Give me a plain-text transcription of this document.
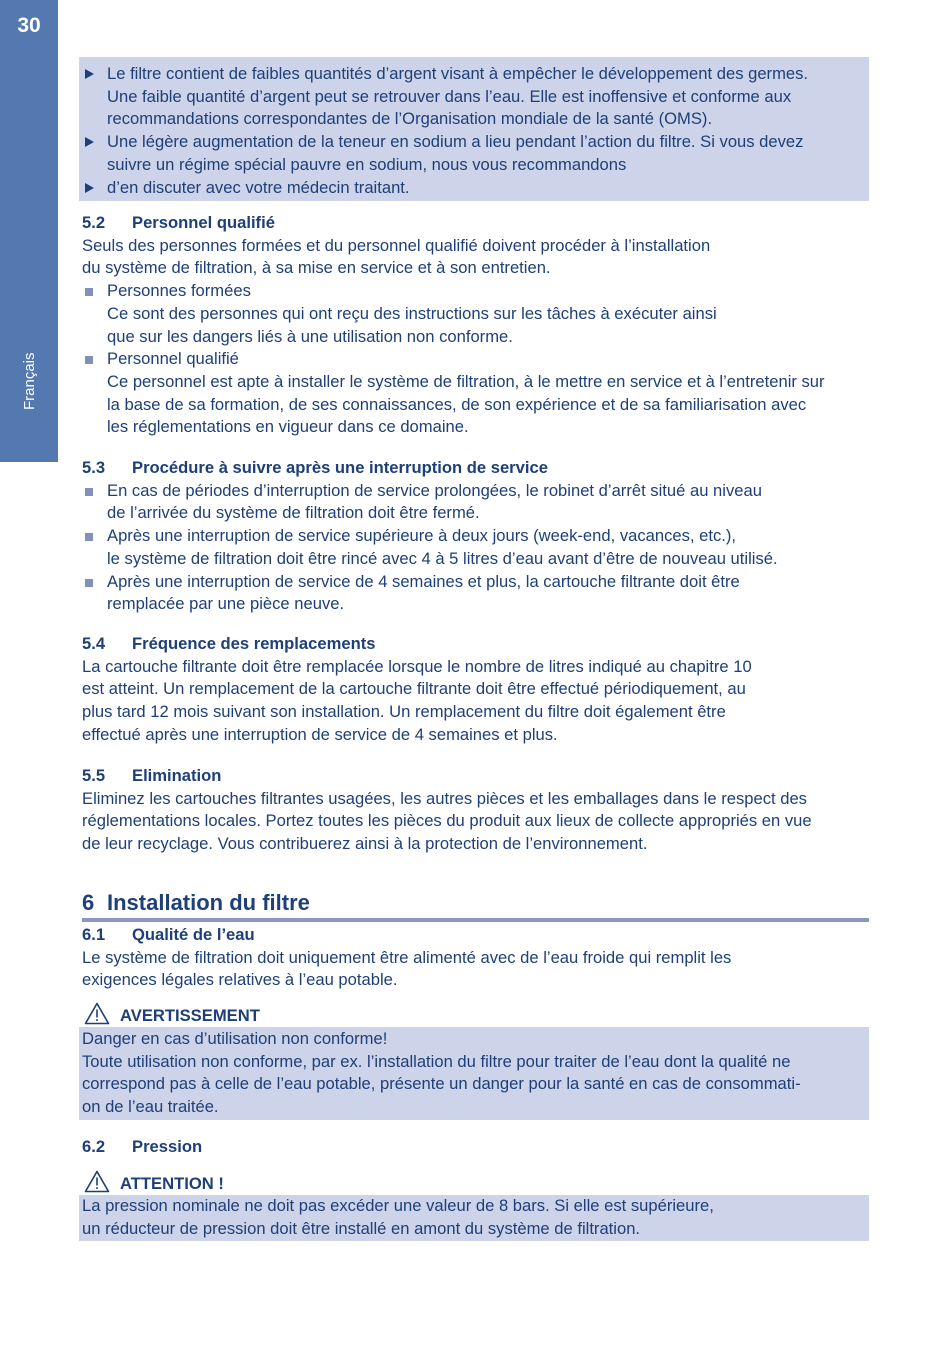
30
Français
Le filtre contient de faibles quantités d’argent visant à empêcher le développement des germes.
Une faible quantité d’argent peut se retrouver dans l’eau. Elle est inoffensive et conforme aux
recommandations correspondantes de l’Organisation mondiale de la santé (OMS).
Une légère augmentation de la teneur en sodium a lieu pendant l’action du filtre. Si vous devez
suivre un régime spécial pauvre en sodium, nous vous recommandons
d’en discuter avec votre médecin traitant.
5.2 Personnel qualifié
Seuls des personnes formées et du personnel qualifié doivent procéder à l’installation
du système de filtration, à sa mise en service et à son entretien.
Personnes formées
Ce sont des personnes qui ont reçu des instructions sur les tâches à exécuter ainsi
que sur les dangers liés à une utilisation non conforme.
Personnel qualifié
Ce personnel est apte à installer le système de filtration, à le mettre en service et à l’entretenir sur
la base de sa formation, de ses connaissances, de son expérience et de sa familiarisation avec
les réglementations en vigueur dans ce domaine.
5.3 Procédure à suivre après une interruption de service
En cas de périodes d’interruption de service prolongées, le robinet d’arrêt situé au niveau
de l’arrivée du système de filtration doit être fermé.
Après une interruption de service supérieure à deux jours (week-end, vacances, etc.),
le système de filtration doit être rincé avec 4 à 5 litres d’eau avant d’être de nouveau utilisé.
Après une interruption de service de 4 semaines et plus, la cartouche filtrante doit être
remplacée par une pièce neuve.
5.4 Fréquence des remplacements
La cartouche filtrante doit être remplacée lorsque le nombre de litres indiqué au chapitre 10
est atteint. Un remplacement de la cartouche filtrante doit être effectué périodiquement, au
plus tard 12 mois suivant son installation. Un remplacement du filtre doit également être
effectué après une interruption de service de 4 semaines et plus.
5.5 Elimination
Eliminez les cartouches filtrantes usagées, les autres pièces et les emballages dans le respect des
réglementations locales. Portez toutes les pièces du produit aux lieux de collecte appropriés en vue
de leur recyclage. Vous contribuerez ainsi à la protection de l’environnement.
6 Installation du filtre
6.1 Qualité de l’eau
Le système de filtration doit uniquement être alimenté avec de l’eau froide qui remplit les
exigences légales relatives à l’eau potable.
AVERTISSEMENT
Danger en cas d’utilisation non conforme!
Toute utilisation non conforme, par ex. l’installation du filtre pour traiter de l’eau dont la qualité ne
correspond pas à celle de l’eau potable, présente un danger pour la santé en cas de consommati-
on de l’eau traitée.
6.2 Pression
ATTENTION !
La pression nominale ne doit pas excéder une valeur de 8 bars. Si elle est supérieure,
un réducteur de pression doit être installé en amont du système de filtration.
